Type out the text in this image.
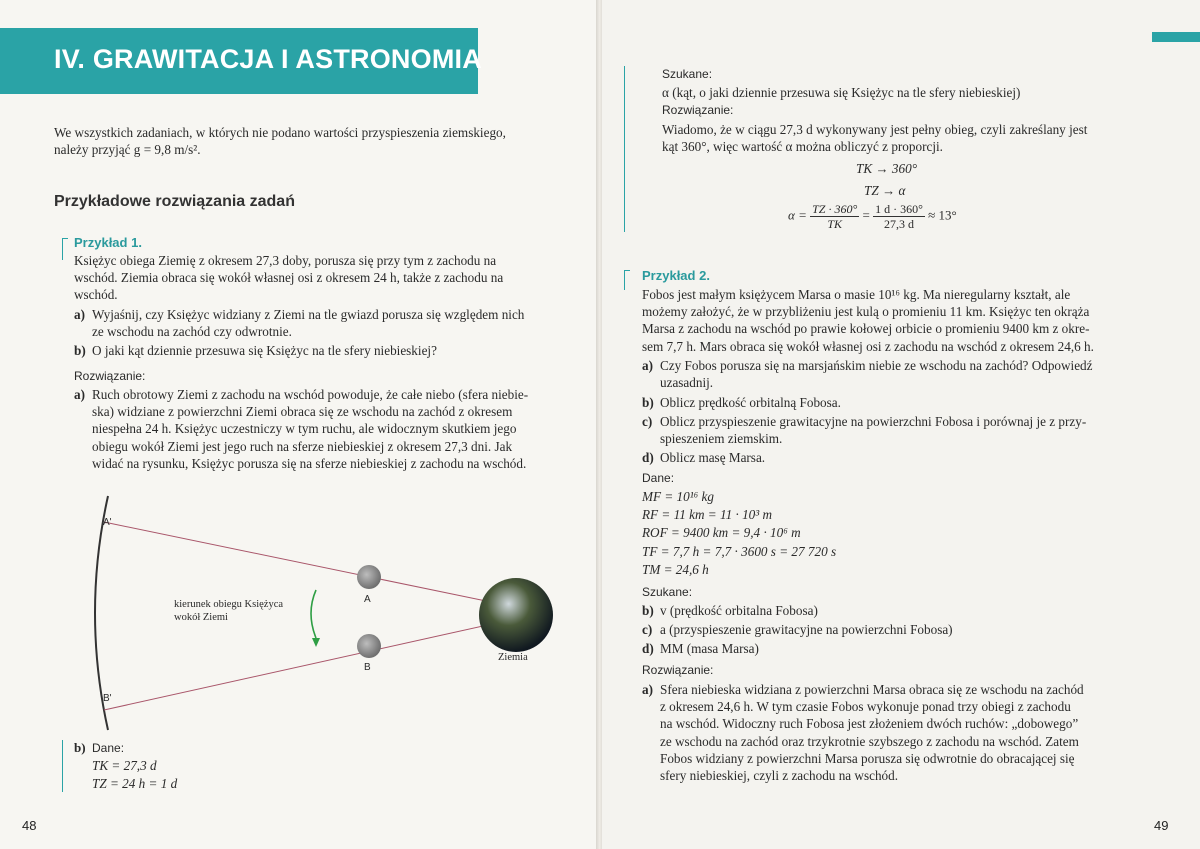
IV. GRAWITACJA I ASTRONOMIA
We wszystkich zadaniach, w których nie podano wartości przyspieszenia ziemskiego,
należy przyjąć g = 9,8 m/s².
Przykładowe rozwiązania zadań
Przykład 1.
Księżyc obiega Ziemię z okresem 27,3 doby, porusza się przy tym z zachodu na
wschód. Ziemia obraca się wokół własnej osi z okresem 24 h, także z zachodu na
wschód.
a) Wyjaśnij, czy Księżyc widziany z Ziemi na tle gwiazd porusza się względem nich
ze wschodu na zachód czy odwrotnie.
b) O jaki kąt dziennie przesuwa się Księżyc na tle sfery niebieskiej?
Rozwiązanie:
a) Ruch obrotowy Ziemi z zachodu na wschód powoduje, że całe niebo (sfera niebie-
ska) widziane z powierzchni Ziemi obraca się ze wschodu na zachód z okresem
niespełna 24 h. Księżyc uczestniczy w tym ruchu, ale widocznym skutkiem jego
obiegu wokół Ziemi jest jego ruch na sferze niebieskiej z okresem 27,3 dni. Jak
widać na rysunku, Księżyc porusza się na sferze niebieskiej z zachodu na wschód.
A'
B'
A
B
kierunek obiegu Księżyca
wokół Ziemi
Ziemia
b) Dane:
TK = 27,3 d
TZ = 24 h = 1 d
48
Szukane:
α (kąt, o jaki dziennie przesuwa się Księżyc na tle sfery niebieskiej)
Rozwiązanie:
Wiadomo, że w ciągu 27,3 d wykonywany jest pełny obieg, czyli zakreślany jest
kąt 360°, więc wartość α można obliczyć z proporcji.
TK → 360°
TZ → α
$\alpha = \frac{TZ \cdot 360^\circ}{TK} = \frac{1 d \cdot 360^\circ}{27,3 d} \approx 13^\circ$
Przykład 2.
Fobos jest małym księżycem Marsa o masie 10¹⁶ kg. Ma nieregularny kształt, ale
możemy założyć, że w przybliżeniu jest kulą o promieniu 11 km. Księżyc ten okrąża
Marsa z zachodu na wschód po prawie kołowej orbicie o promieniu 9400 km z okre-
sem 7,7 h. Mars obraca się wokół własnej osi z zachodu na wschód z okresem 24,6 h.
a) Czy Fobos porusza się na marsjańskim niebie ze wschodu na zachód? Odpowiedź
uzasadnij.
b) Oblicz prędkość orbitalną Fobosa.
c) Oblicz przyspieszenie grawitacyjne na powierzchni Fobosa i porównaj je z przy-
spieszeniem ziemskim.
d) Oblicz masę Marsa.
Dane:
MF = 10¹⁶ kg
RF = 11 km = 11 · 10³ m
ROF = 9400 km = 9,4 · 10⁶ m
TF = 7,7 h = 7,7 · 3600 s = 27 720 s
TM = 24,6 h
Szukane:
b) v (prędkość orbitalna Fobosa)
c) a (przyspieszenie grawitacyjne na powierzchni Fobosa)
d) MM (masa Marsa)
Rozwiązanie:
a) Sfera niebieska widziana z powierzchni Marsa obraca się ze wschodu na zachód
z okresem 24,6 h. W tym czasie Fobos wykonuje ponad trzy obiegi z zachodu
na wschód. Widoczny ruch Fobosa jest złożeniem dwóch ruchów: „dobowego”
ze wschodu na zachód oraz trzykrotnie szybszego z zachodu na wschód. Zatem
Fobos widziany z powierzchni Marsa porusza się odwrotnie do obracającej się
sfery niebieskiej, czyli z zachodu na wschód.
49
